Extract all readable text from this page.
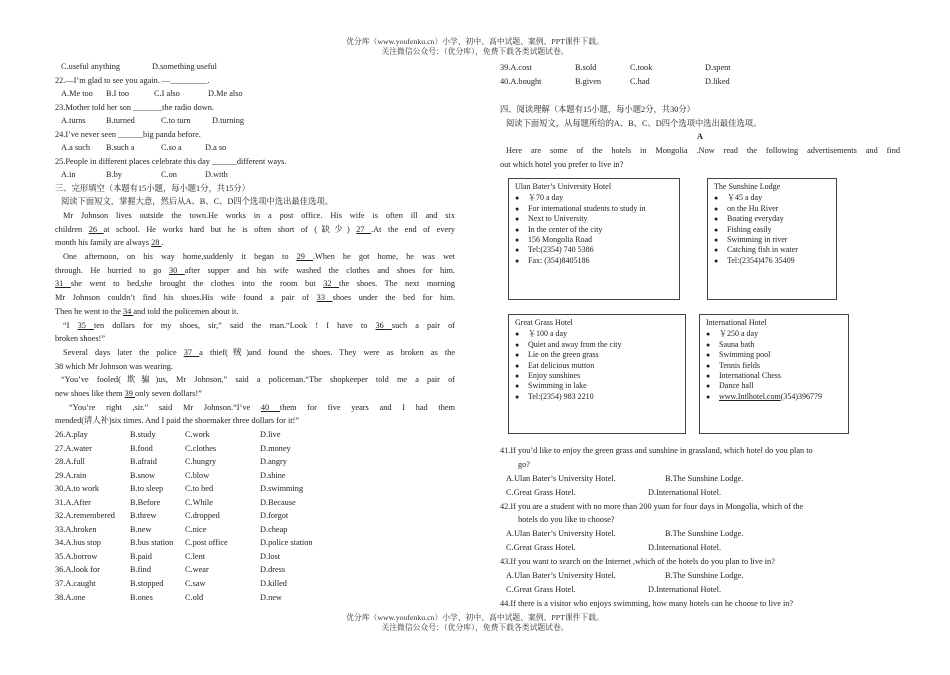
优分库（www.youfenku.cn）小学、初中、高中试题、案例、PPT课件下载。
关注微信公众号：（优分库），免费下载各类试题试卷。
C.useful anything	D.something useful
22.—I’m glad to see you again. —_________.
A.Me too B.I too	C.I also	D.Me also
23.Mother told her son _______the radio down.
A.turns B.turned	C.to turn	D.turning
24.I’ve never seen ______big panda before.
A.a such B.such a	C.so a	D.a so
25.People in different places celebrate this day ______different ways.
A.in	B.by	C.on	D.with
三、完形填空（本题有15小题，每小题1分，共15分）
阅读下面短文，掌握大意，然后从A、B、C、D四个选项中选出最佳选项。
Mr Johnson lives outside the town.He works in a post office. His wife is often ill and six
children 26 at school. He works hard but he is often short of (缺少) 27 .At the end of every
month his family are always 28 .
One afternoon, on his way home,suddenly it began to 29 .When he got home, he was wet
through. He hurried to go 30 after supper and his wife washed the clothes and shoes for him.
31 she went to bed,she brought the clothes into the room but 32 the shoes. The next morning
Mr Johnson couldn’t find his shoes.His wife found a pair of 33 shoes under the bed for him.
Then he went to the 34 and told the policemen about it.
“I 35 ten dollars for my shoes, sir,” said the man.“Look ! I have to 36 such a pair of
broken shoes!”
Several days later the police 37 a thief(贼)and found the shoes. They were as broken as the
38 which Mr Johnson was wearing.
“You’ve fooled(欺骗)us, Mr Johnson,” said a policeman.“The shopkeeper told me a pair of
new shoes like them 39 only seven dollars!”
“You’re right ,sir.” said Mr Johnson.“I’ve 40 them for five years and I had them
mended(请人补)six times. And I paid the shoemaker three dollars for it!”
26.A.play	B.study	C.work	D.live
27.A.water	B.food	C.clothes	D.money
28.A.full	B.afraid	C.hungry	D.angry
29.A.rain	B.snow	C.blow	D.shine
30.A.to work	B.to sleep	C.to bed	D.swimming
31.A.After	B.Before	C.While	D.Because
32.A.remembered B.threw	C.dropped	D.forgot
33.A.broken	B.new	C.nice	D.cheap
34.A.bus stop	B.bus station C.post office	D.police station
35.A.borrow	B.paid	C.lent	D.lost
36.A.look for	B.find	C.wear	D.dress
37.A.caught	B.stopped	C.saw	D.killed
38.A.one	B.ones	C.old	D.new
39.A.cost	B.sold	C.took	D.spent
40.A.bought	B.given	C.had	D.liked
四、阅读理解（本题有15小题，每小题2分，共30分）
阅读下面短文，从每题所给的A、B、C、D四个选项中选出最佳选项。
A
Here are some of the hotels in Mongolia .Now read the following advertisements and find
out which hotel you prefer to live in?
Ulan Bater’s University Hotel
● ￥70 a day
● For international students to study in
● Next to University
● In the center of the city
● 156 Mongolia Road
● Tel:(2354) 740 5386
● Fax: (354)8405186
The Sunshine Lodge
● ￥45 a day
● on the Hu River
● Boating everyday
● Fishing easily
● Swimming in river
● Catching fish in water
● Tel:(2354)476 35409
Great Grass Hotel
● ￥100 a day
● Quiet and away from the city
● Lie on the green grass
● Eat delicious mutton
● Enjoy sunshines
● Swimming in lake
● Tel:(2354) 983 2210
International Hotel
● ￥250 a day
● Sauna bath
● Swimming pool
● Tennis fields
● International Chess
● Dance hall
● www.Intlhotel.com(354)396779
41.If you’d like to enjoy the green grass and sunshine in grassland, which hotel do you plan to
go?
A.Ulan Bater’s University Hotel.	B.The Sunshine Lodge.
C.Great Grass Hotel.	D.International Hotel.
42.If you are a student with no more than 200 yuan for four days in Mongolia, which of the
hotels do you like to choose?
A.Ulan Bater’s University Hotel.	B.The Sunshine Lodge.
C.Great Grass Hotel.	D.International Hotel.
43.If you want to search on the Internet ,which of the hotels do you plan to live in?
A.Ulan Bater’s University Hotel.	B.The Sunshine Lodge.
C.Great Grass Hotel.	D.International Hotel.
44.If there is a visitor who enjoys swimming, how many hotels can he choose to live in?
优分库（www.youfenku.cn）小学、初中、高中试题、案例、PPT课件下载。
关注微信公众号：（优分库），免费下载各类试题试卷。
